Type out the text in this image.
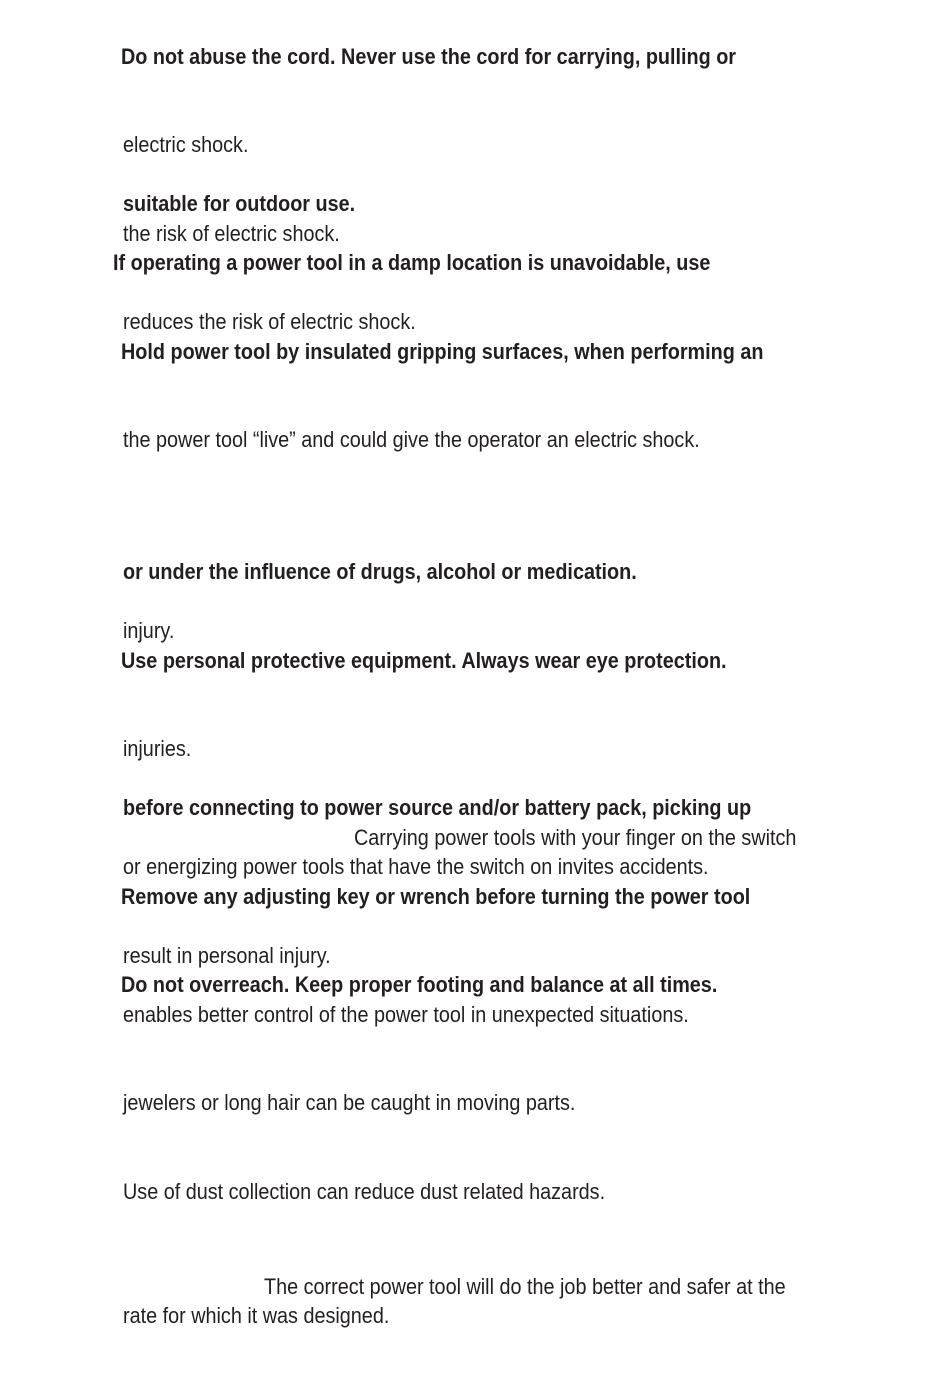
Do not abuse the cord. Never use the cord for carrying, pulling or
electric shock.
suitable for outdoor use.
the risk of electric shock.
If operating a power tool in a damp location is unavoidable, use
reduces the risk of electric shock.
Hold power tool by insulated gripping surfaces, when performing an
the power tool “live” and could give the operator an electric shock.
or under the influence of drugs, alcohol or medication.
injury.
Use personal protective equipment. Always wear eye protection.
injuries.
before connecting to power source and/or battery pack, picking up
Carrying power tools with your finger on the switch
or energizing power tools that have the switch on invites accidents.
Remove any adjusting key or wrench before turning the power tool
result in personal injury.
Do not overreach. Keep proper footing and balance at all times.
enables better control of the power tool in unexpected situations.
jewelers or long hair can be caught in moving parts.
Use of dust collection can reduce dust related hazards.
The correct power tool will do the job better and safer at the
rate for which it was designed.
